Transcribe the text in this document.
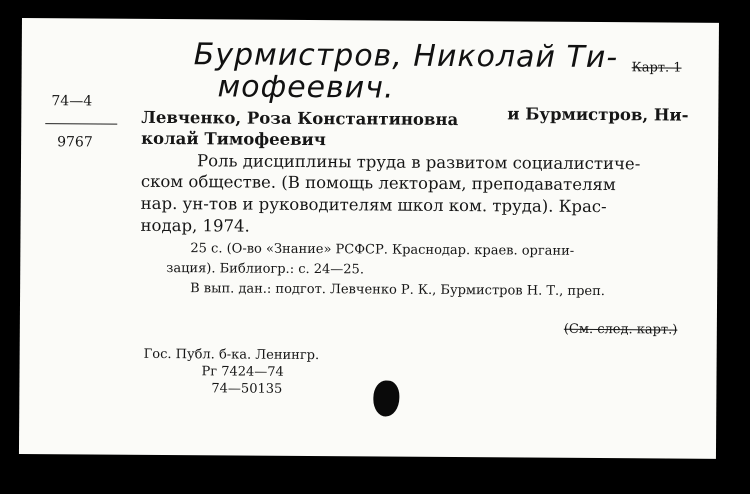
Бурмистров, Николай Ти-
мофеевич.
Карт. 1
74—4
9767
Левченко, Роза Константиновна	и Бурмистров, Ни-
колай Тимофеевич
Роль дисциплины труда в развитом социалистиче-
ском обществе. (В помощь лекторам, преподавателям
нар. ун-тов и руководителям школ ком. труда). Крас-
нодар, 1974.
25 с. (О-во «Знание» РСФСР. Краснодар. краев. органи-
зация). Библиогр.: с. 24—25.
В вып. дан.: подгот. Левченко Р. К., Бурмистров Н. Т., преп.
(См. след. карт.)
Гос. Публ. б-ка. Ленингр.
Рг 7424—74
74—50135
